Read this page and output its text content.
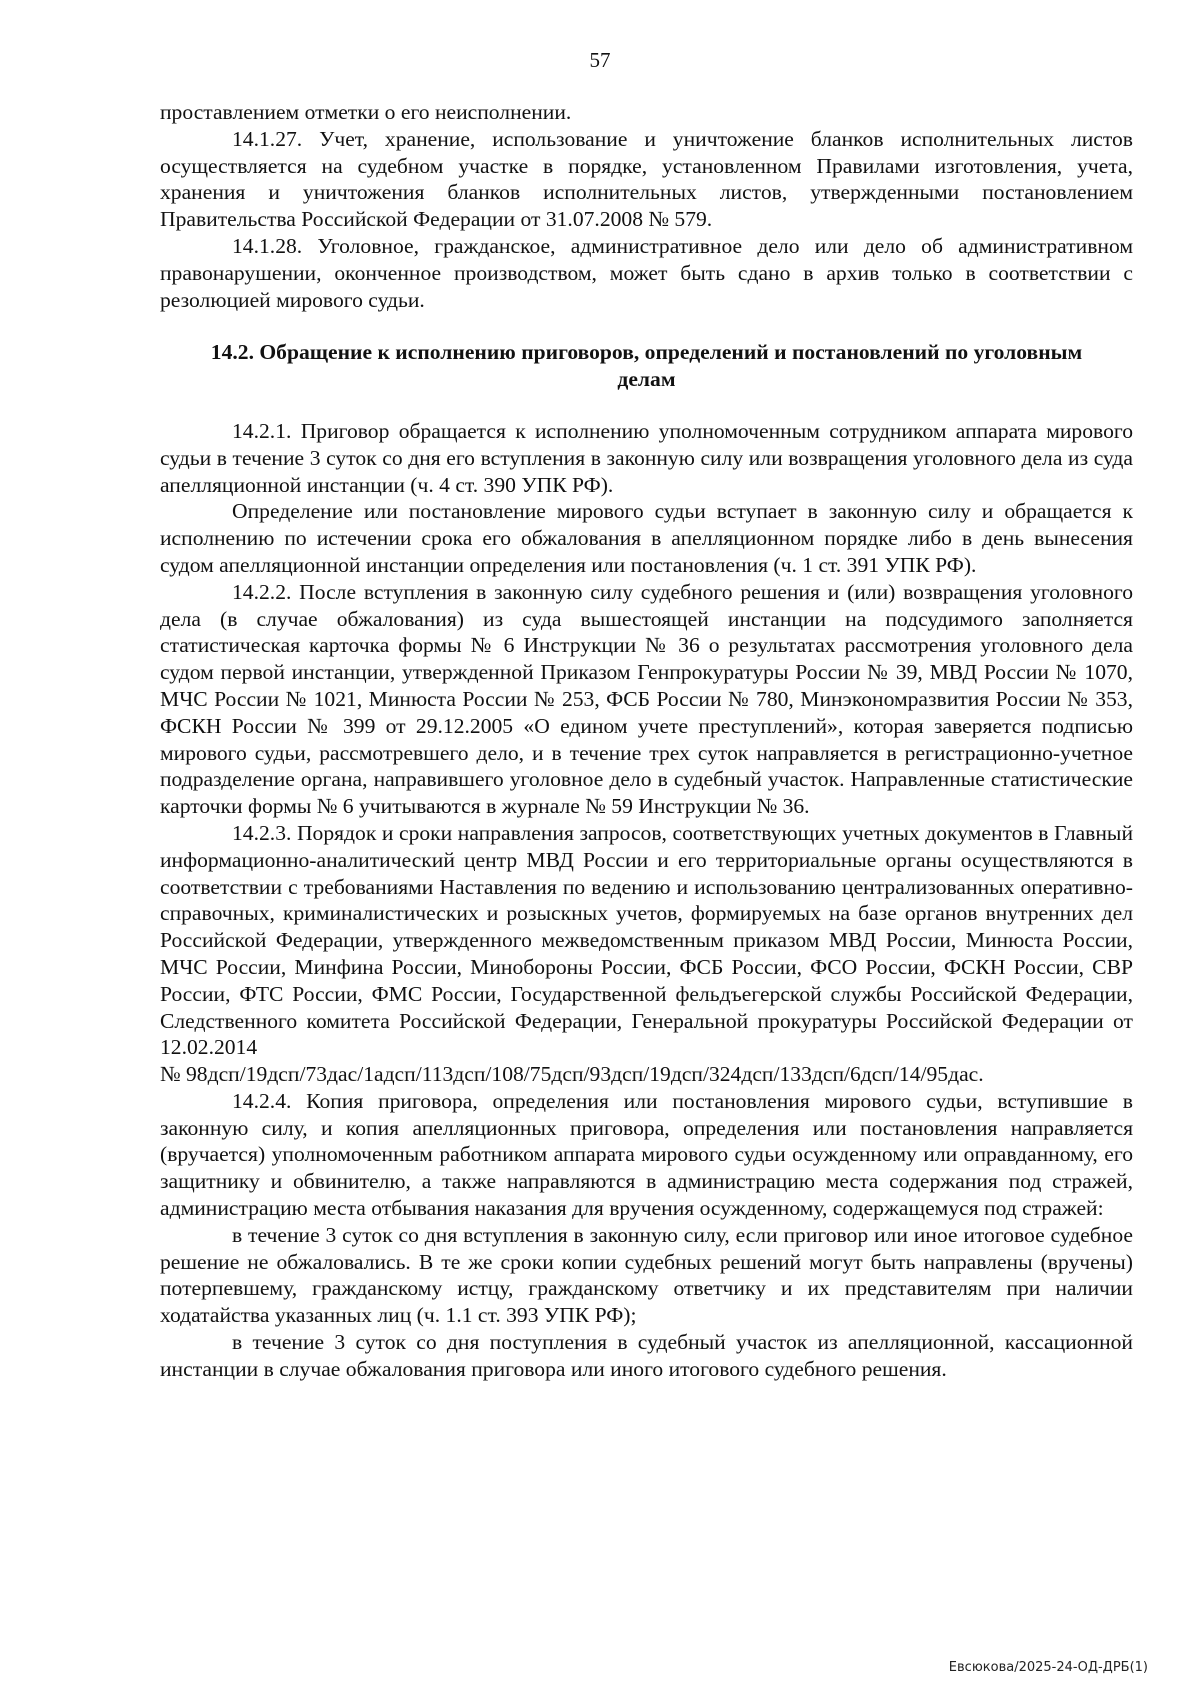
57

проставлением отметки о его неисполнении.

14.1.27. Учет, хранение, использование и уничтожение бланков исполнительных листов осуществляется на судебном участке в порядке, установленном Правилами изготовления, учета, хранения и уничтожения бланков исполнительных листов, утвержденными постановлением Правительства Российской Федерации от 31.07.2008 № 579.

14.1.28. Уголовное, гражданское, административное дело или дело об административном правонарушении, оконченное производством, может быть сдано в архив только в соответствии с резолюцией мирового судьи.

14.2. Обращение к исполнению приговоров, определений и постановлений по уголовным делам

14.2.1. Приговор обращается к исполнению уполномоченным сотрудником аппарата мирового судьи в течение 3 суток со дня его вступления в законную силу или возвращения уголовного дела из суда апелляционной инстанции (ч. 4 ст. 390 УПК РФ).

Определение или постановление мирового судьи вступает в законную силу и обращается к исполнению по истечении срока его обжалования в апелляционном порядке либо в день вынесения судом апелляционной инстанции определения или постановления (ч. 1 ст. 391 УПК РФ).

14.2.2. После вступления в законную силу судебного решения и (или) возвращения уголовного дела (в случае обжалования) из суда вышестоящей инстанции на подсудимого заполняется статистическая карточка формы № 6 Инструкции № 36 о результатах рассмотрения уголовного дела судом первой инстанции, утвержденной Приказом Генпрокуратуры России № 39, МВД России № 1070, МЧС России № 1021, Минюста России № 253, ФСБ России № 780, Минэкономразвития России № 353, ФСКН России № 399 от 29.12.2005 «О едином учете преступлений», которая заверяется подписью мирового судьи, рассмотревшего дело, и в течение трех суток направляется в регистрационно-учетное подразделение органа, направившего уголовное дело в судебный участок. Направленные статистические карточки формы № 6 учитываются в журнале № 59 Инструкции № 36.

14.2.3. Порядок и сроки направления запросов, соответствующих учетных документов в Главный информационно-аналитический центр МВД России и его территориальные органы осуществляются в соответствии с требованиями Наставления по ведению и использованию централизованных оперативно-справочных, криминалистических и розыскных учетов, формируемых на базе органов внутренних дел Российской Федерации, утвержденного межведомственным приказом МВД России, Минюста России, МЧС России, Минфина России, Минобороны России, ФСБ России, ФСО России, ФСКН России, СВР России, ФТС России, ФМС России, Государственной фельдъегерской службы Российской Федерации, Следственного комитета Российской Федерации, Генеральной прокуратуры Российской Федерации от 12.02.2014

№ 98дсп/19дсп/73дас/1адсп/113дсп/108/75дсп/93дсп/19дсп/324дсп/133дсп/6дсп/14/95дас.

14.2.4. Копия приговора, определения или постановления мирового судьи, вступившие в законную силу, и копия апелляционных приговора, определения или постановления направляется (вручается) уполномоченным работником аппарата мирового судьи осужденному или оправданному, его защитнику и обвинителю, а также направляются в администрацию места содержания под стражей, администрацию места отбывания наказания для вручения осужденному, содержащемуся под стражей:

в течение 3 суток со дня вступления в законную силу, если приговор или иное итоговое судебное решение не обжаловались. В те же сроки копии судебных решений могут быть направлены (вручены) потерпевшему, гражданскому истцу, гражданскому ответчику и их представителям при наличии ходатайства указанных лиц (ч. 1.1 ст. 393 УПК РФ);

в течение 3 суток со дня поступления в судебный участок из апелляционной, кассационной инстанции в случае обжалования приговора или иного итогового судебного решения.

Евсюкова/2025-24-ОД-ДРБ(1)
